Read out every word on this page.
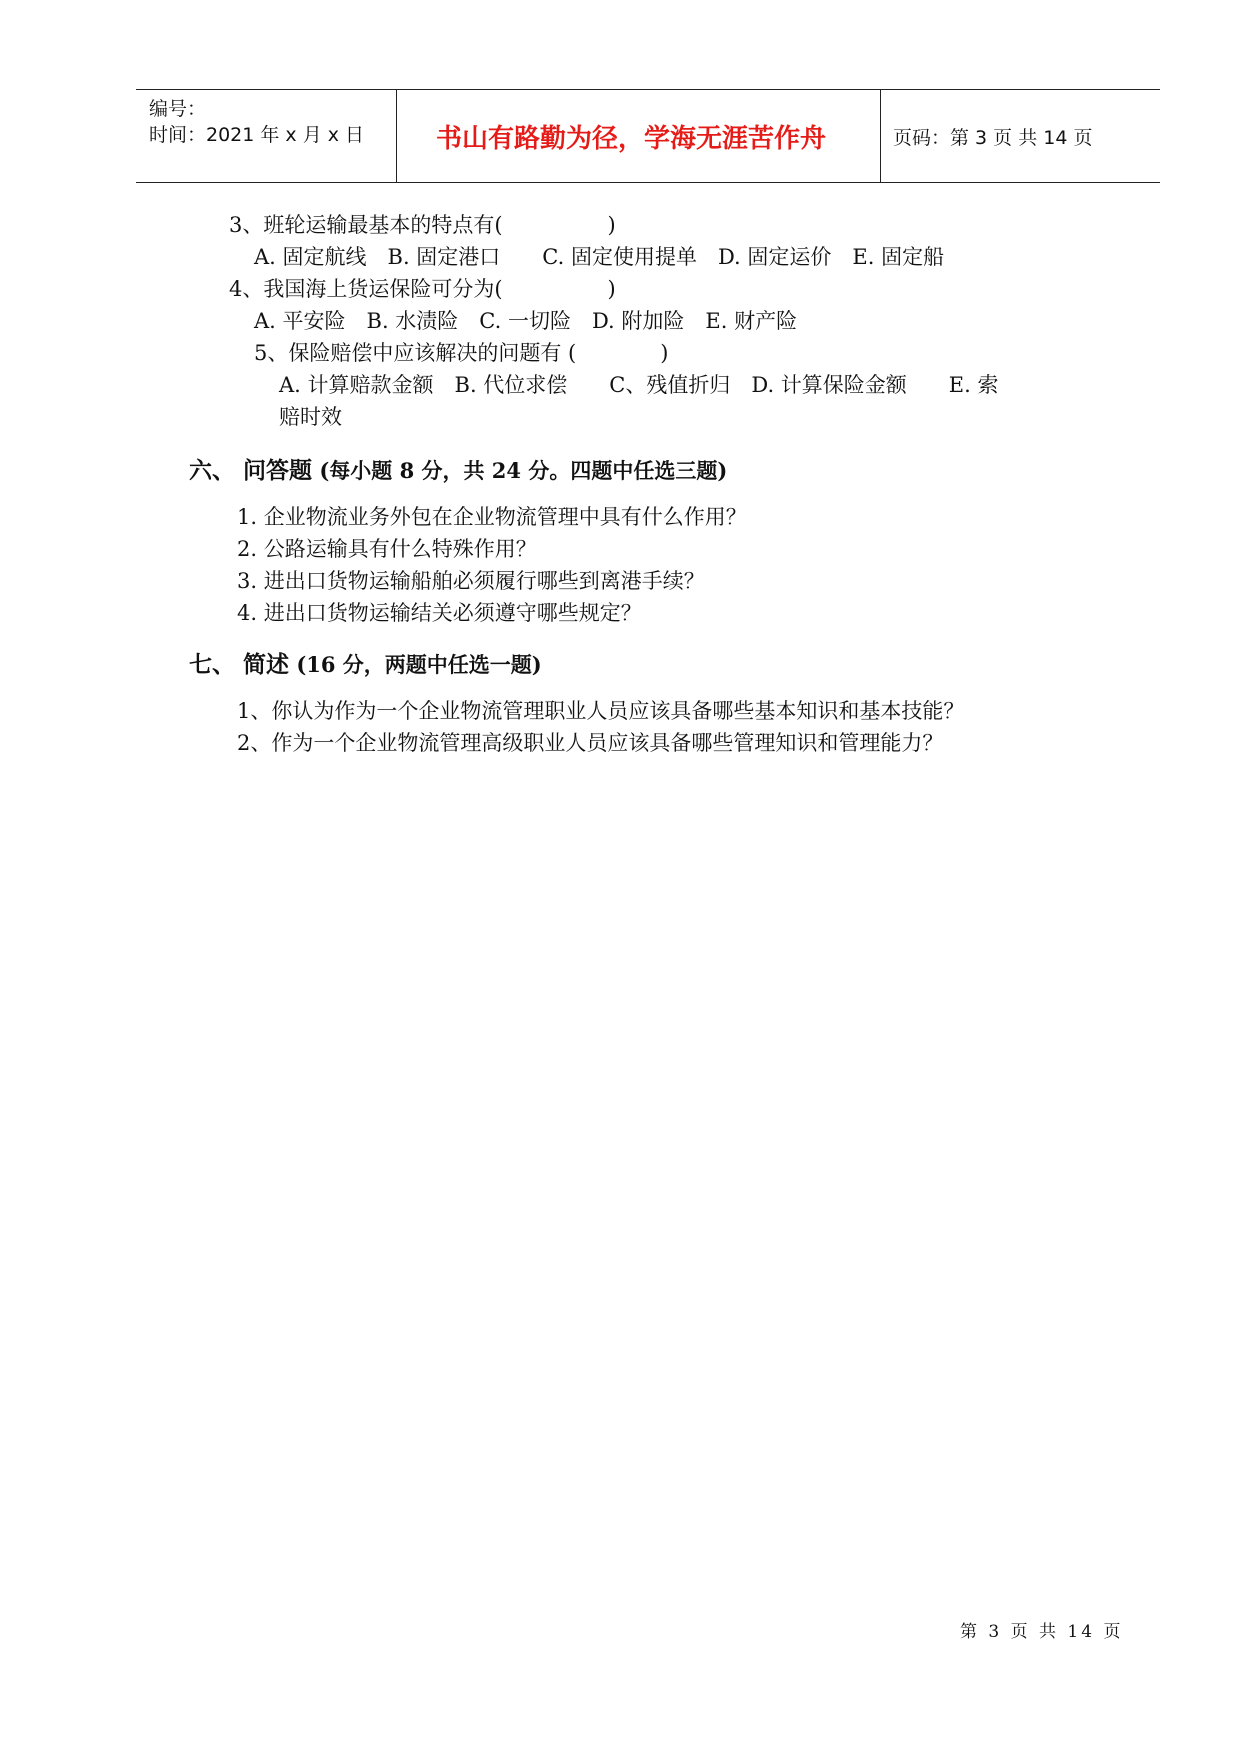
编号：
时间：2021 年 x 月 x 日	书山有路勤为径，学海无涯苦作舟	页码：第 3 页 共 14 页
3、班轮运输最基本的特点有(　　　　　)
A. 固定航线　B. 固定港口　　C. 固定使用提单　D. 固定运价　E. 固定船
4、我国海上货运保险可分为(　　　　　)
A. 平安险　B. 水渍险　C. 一切险　D. 附加险　E. 财产险
5、保险赔偿中应该解决的问题有 (　　　　)
A. 计算赔款金额　B. 代位求偿　　C、残值折归　D. 计算保险金额　　E. 索
赔时效
六、 问答题 (每小题 8 分，共 24 分。四题中任选三题)
1. 企业物流业务外包在企业物流管理中具有什么作用？
2. 公路运输具有什么特殊作用？
3. 进出口货物运输船舶必须履行哪些到离港手续？
4. 进出口货物运输结关必须遵守哪些规定？
七、 简述 (16 分，两题中任选一题)
1、你认为作为一个企业物流管理职业人员应该具备哪些基本知识和基本技能？
2、作为一个企业物流管理高级职业人员应该具备哪些管理知识和管理能力？
第 3 页 共 14 页
